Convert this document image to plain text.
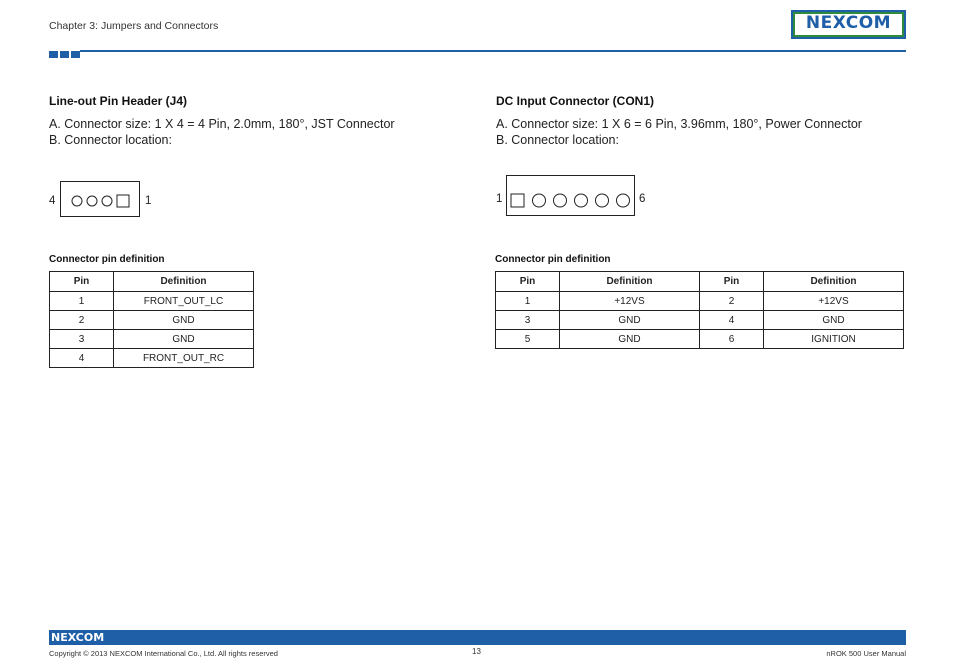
Chapter 3: Jumpers and Connectors	NEXCOM
Line-out Pin Header (J4)
A. Connector size: 1 X 4 = 4 Pin, 2.0mm, 180°, JST Connector
B. Connector location:
4	1
Connector pin definition
Pin	Definition
1	FRONT_OUT_LC
2	GND
3	GND
4	FRONT_OUT_RC
DC Input Connector (CON1)
A. Connector size: 1 X 6 = 6 Pin, 3.96mm, 180°, Power Connector
B. Connector location:
1	6
Connector pin definition
Pin	Definition	Pin	Definition
1	+12VS	2	+12VS
3	GND	4	GND
5	GND	6	IGNITION
NEXCOM
Copyright © 2013 NEXCOM International Co., Ltd. All rights reserved	13	nROK 500 User Manual
